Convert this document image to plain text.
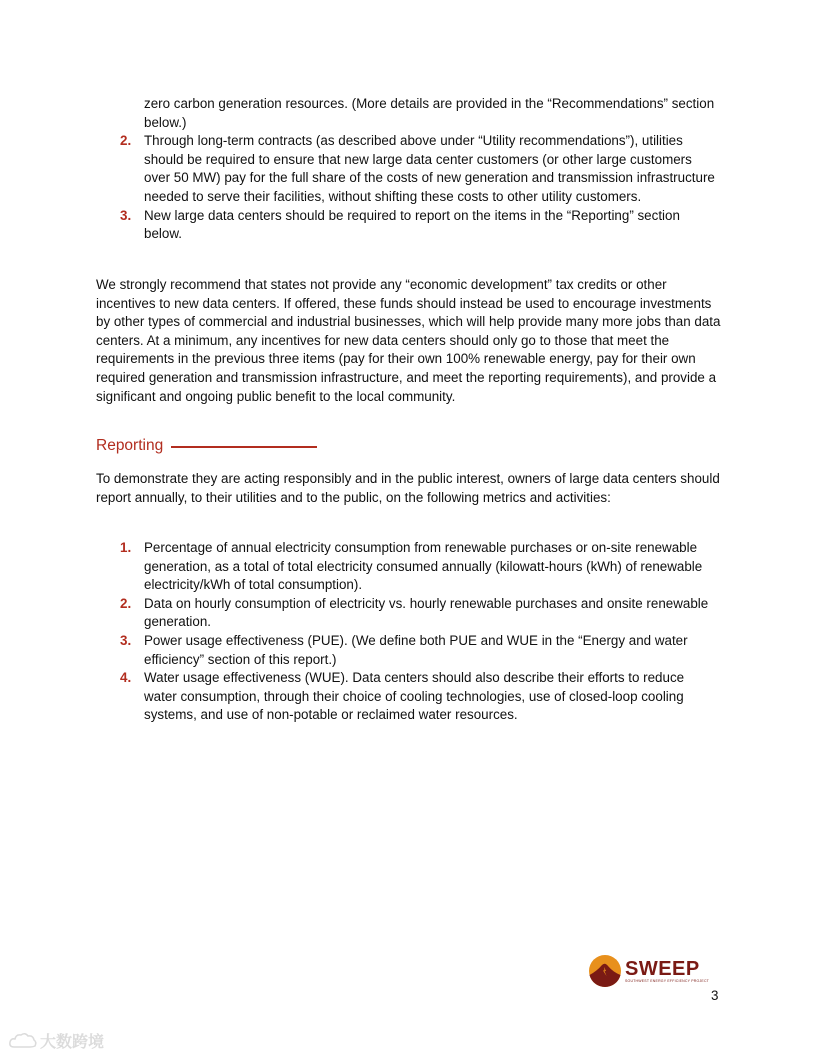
zero carbon generation resources. (More details are provided in the “Recommendations” section below.)
2. Through long-term contracts (as described above under “Utility recommendations”), utilities should be required to ensure that new large data center customers (or other large customers over 50 MW) pay for the full share of the costs of new generation and transmission infrastructure needed to serve their facilities, without shifting these costs to other utility customers.
3. New large data centers should be required to report on the items in the “Reporting” section below.

We strongly recommend that states not provide any “economic development” tax credits or other incentives to new data centers. If offered, these funds should instead be used to encourage investments by other types of commercial and industrial businesses, which will help provide many more jobs than data centers. At a minimum, any incentives for new data centers should only go to those that meet the requirements in the previous three items (pay for their own 100% renewable energy, pay for their own required generation and transmission infrastructure, and meet the reporting requirements), and provide a significant and ongoing public benefit to the local community.

Reporting

To demonstrate they are acting responsibly and in the public interest, owners of large data centers should report annually, to their utilities and to the public, on the following metrics and activities:

1. Percentage of annual electricity consumption from renewable purchases or on-site renewable generation, as a total of total electricity consumed annually (kilowatt-hours (kWh) of renewable electricity/kWh of total consumption).
2. Data on hourly consumption of electricity vs. hourly renewable purchases and onsite renewable generation.
3. Power usage effectiveness (PUE). (We define both PUE and WUE in the “Energy and water efficiency” section of this report.)
4. Water usage effectiveness (WUE). Data centers should also describe their efforts to reduce water consumption, through their choice of cooling technologies, use of closed-loop cooling systems, and use of non-potable or reclaimed water resources.
SWEEP
SOUTHWEST ENERGY EFFICIENCY PROJECT
3
大数跨境
